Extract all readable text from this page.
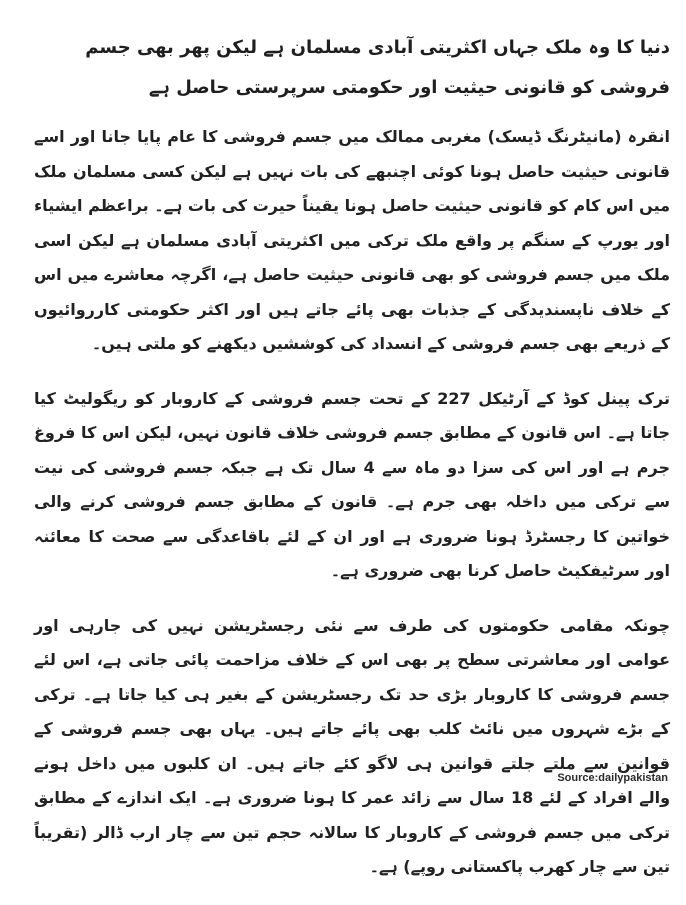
دنیا کا وہ ملک جہاں اکثریتی آبادی مسلمان ہے لیکن پھر بھی جسم فروشی کو قانونی حیثیت اور حکومتی سرپرستی حاصل ہے

انقرہ (مانیٹرنگ ڈیسک) مغربی ممالک میں جسم فروشی کا عام پایا جانا اور اسے قانونی حیثیت حاصل ہونا کوئی اچنبھے کی بات نہیں ہے لیکن کسی مسلمان ملک میں اس کام کو قانونی حیثیت حاصل ہونا یقیناً حیرت کی بات ہے۔ براعظم ایشیاء اور یورپ کے سنگم پر واقع ملک ترکی میں اکثریتی آبادی مسلمان ہے لیکن اسی ملک میں جسم فروشی کو بھی قانونی حیثیت حاصل ہے، اگرچہ معاشرے میں اس کے خلاف ناپسندیدگی کے جذبات بھی پائے جاتے ہیں اور اکثر حکومتی کارروائیوں کے ذریعے بھی جسم فروشی کے انسداد کی کوششیں دیکھنے کو ملتی ہیں۔

ترک پینل کوڈ کے آرٹیکل 227 کے تحت جسم فروشی کے کاروبار کو ریگولیٹ کیا جاتا ہے۔ اس قانون کے مطابق جسم فروشی خلاف قانون نہیں، لیکن اس کا فروغ جرم ہے اور اس کی سزا دو ماہ سے 4 سال تک ہے جبکہ جسم فروشی کی نیت سے ترکی میں داخلہ بھی جرم ہے۔ قانون کے مطابق جسم فروشی کرنے والی خواتین کا رجسٹرڈ ہونا ضروری ہے اور ان کے لئے باقاعدگی سے صحت کا معائنہ اور سرٹیفکیٹ حاصل کرنا بھی ضروری ہے۔

چونکہ مقامی حکومتوں کی طرف سے نئی رجسٹریشن نہیں کی جارہی اور عوامی اور معاشرتی سطح پر بھی اس کے خلاف مزاحمت پائی جاتی ہے، اس لئے جسم فروشی کا کاروبار بڑی حد تک رجسٹریشن کے بغیر ہی کیا جاتا ہے۔ ترکی کے بڑے شہروں میں نائٹ کلب بھی پائے جاتے ہیں۔ یہاں بھی جسم فروشی کے قوانین سے ملتے جلتے قوانین ہی لاگو کئے جاتے ہیں۔ ان کلبوں میں داخل ہونے والے افراد کے لئے 18 سال سے زائد عمر کا ہونا ضروری ہے۔ ایک اندازے کے مطابق ترکی میں جسم فروشی کے کاروبار کا سالانہ حجم تین سے چار ارب ڈالر (تقریباً تین سے چار کھرب پاکستانی روپے) ہے۔

Source:dailypakistan
